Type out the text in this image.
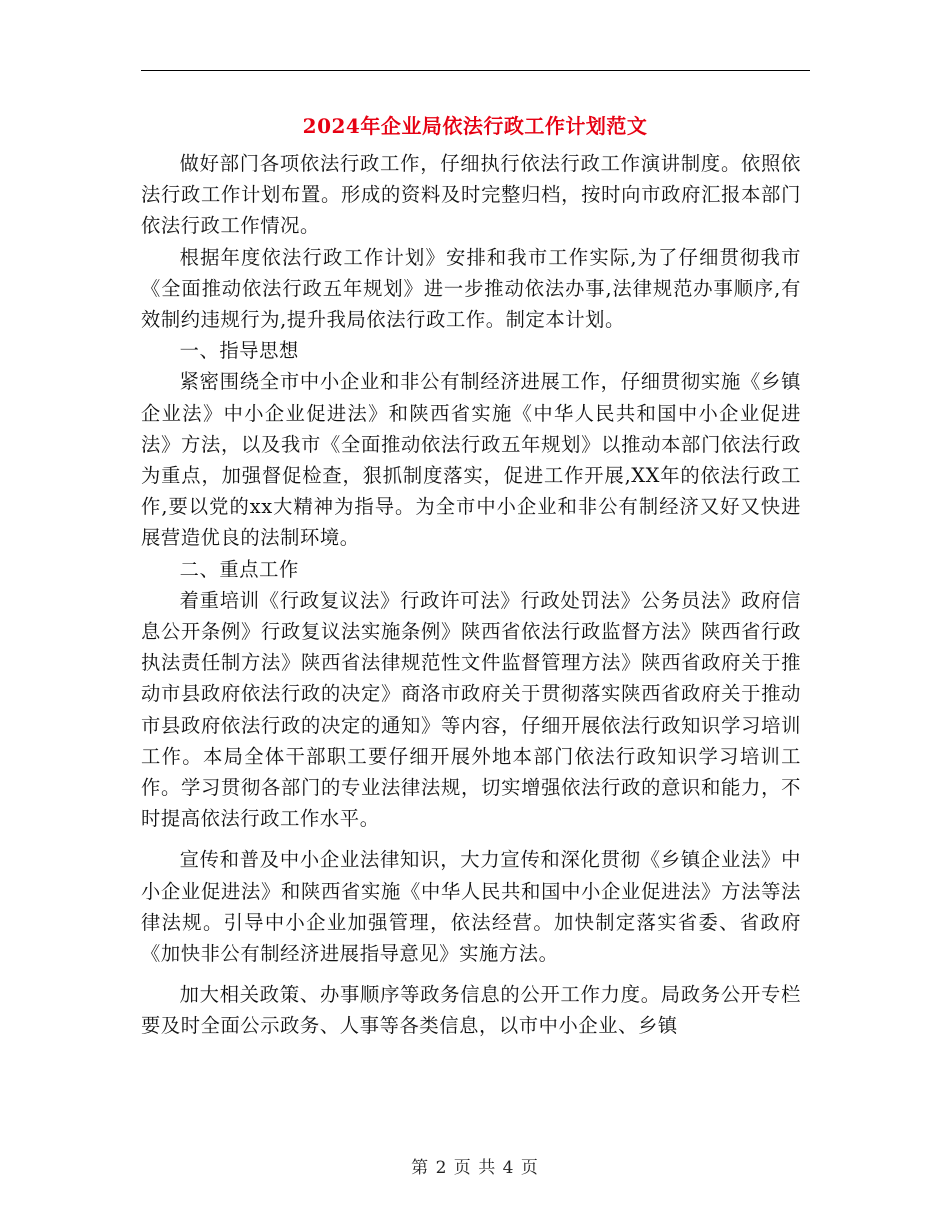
2024年企业局依法行政工作计划范文

做好部门各项依法行政工作，仔细执行依法行政工作演讲制度。依照依法行政工作计划布置。形成的资料及时完整归档，按时向市政府汇报本部门依法行政工作情况。

根据年度依法行政工作计划》安排和我市工作实际,为了仔细贯彻我市《全面推动依法行政五年规划》进一步推动依法办事,法律规范办事顺序,有效制约违规行为,提升我局依法行政工作。制定本计划。

一、指导思想

紧密围绕全市中小企业和非公有制经济进展工作，仔细贯彻实施《乡镇企业法》中小企业促进法》和陕西省实施《中华人民共和国中小企业促进法》方法，以及我市《全面推动依法行政五年规划》以推动本部门依法行政为重点，加强督促检查，狠抓制度落实，促进工作开展,XX年的依法行政工作,要以党的xx大精神为指导。为全市中小企业和非公有制经济又好又快进展营造优良的法制环境。

二、重点工作

着重培训《行政复议法》行政许可法》行政处罚法》公务员法》政府信息公开条例》行政复议法实施条例》陕西省依法行政监督方法》陕西省行政执法责任制方法》陕西省法律规范性文件监督管理方法》陕西省政府关于推动市县政府依法行政的决定》商洛市政府关于贯彻落实陕西省政府关于推动市县政府依法行政的决定的通知》等内容，仔细开展依法行政知识学习培训工作。本局全体干部职工要仔细开展外地本部门依法行政知识学习培训工作。学习贯彻各部门的专业法律法规，切实增强依法行政的意识和能力，不时提高依法行政工作水平。

宣传和普及中小企业法律知识，大力宣传和深化贯彻《乡镇企业法》中小企业促进法》和陕西省实施《中华人民共和国中小企业促进法》方法等法律法规。引导中小企业加强管理，依法经营。加快制定落实省委、省政府《加快非公有制经济进展指导意见》实施方法。

加大相关政策、办事顺序等政务信息的公开工作力度。局政务公开专栏要及时全面公示政务、人事等各类信息，以市中小企业、乡镇

第 2 页 共 4 页
